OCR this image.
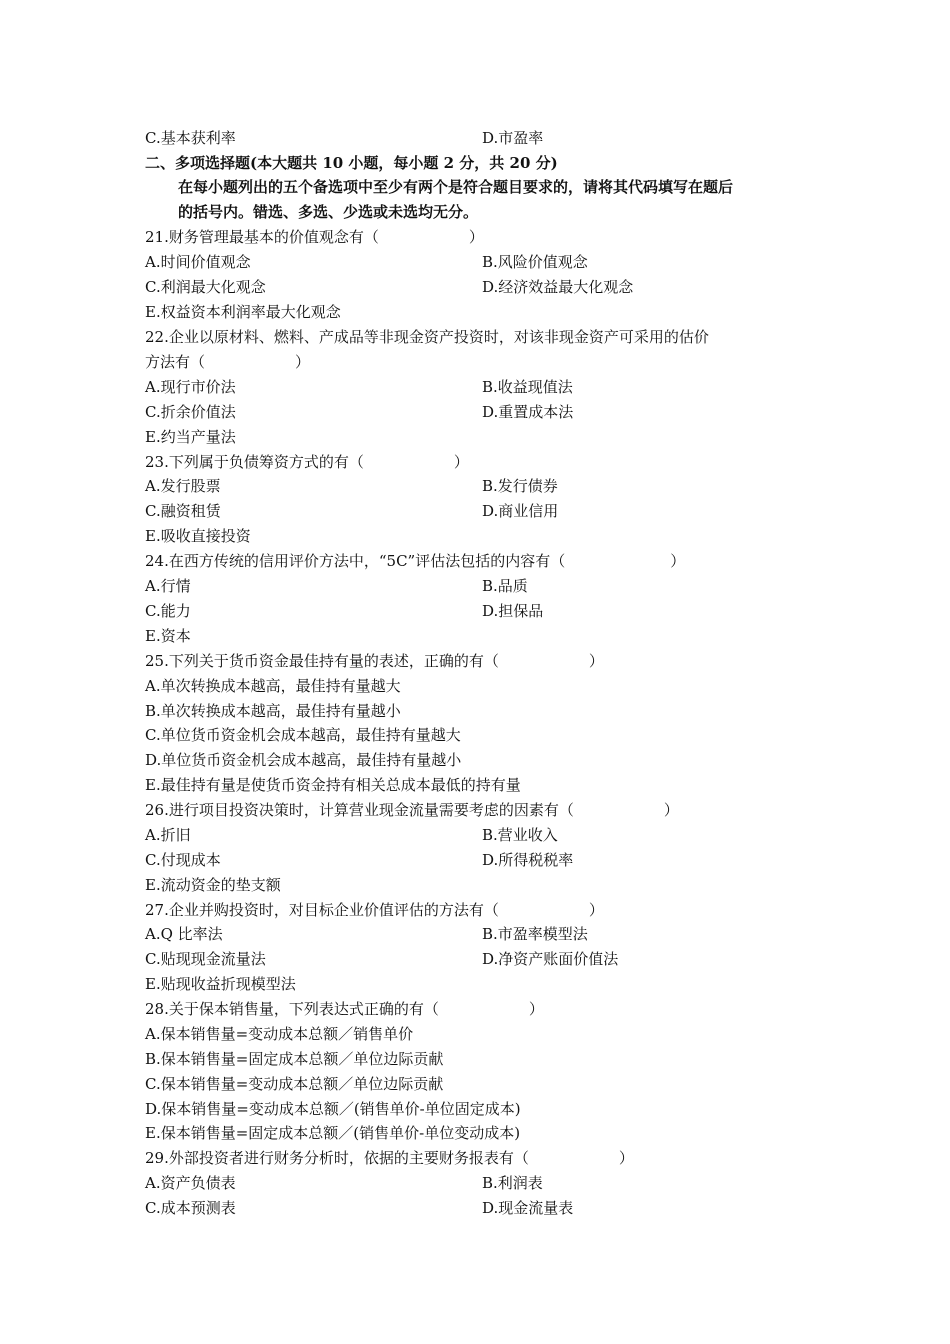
C.基本获利率	D.市盈率
二、多项选择题(本大题共 10 小题，每小题 2 分，共 20 分)
在每小题列出的五个备选项中至少有两个是符合题目要求的，请将其代码填写在题后
的括号内。错选、多选、少选或未选均无分。
21.财务管理最基本的价值观念有（　　　　　　）
A.时间价值观念	B.风险价值观念
C.利润最大化观念	D.经济效益最大化观念
E.权益资本利润率最大化观念
22.企业以原材料、燃料、产成品等非现金资产投资时，对该非现金资产可采用的估价
方法有（　　　　　　）
A.现行市价法	B.收益现值法
C.折余价值法	D.重置成本法
E.约当产量法
23.下列属于负债筹资方式的有（　　　　　　）
A.发行股票	B.发行债券
C.融资租赁	D.商业信用
E.吸收直接投资
24.在西方传统的信用评价方法中，“5C”评估法包括的内容有（　　　　　　　）
A.行情	B.品质
C.能力	D.担保品
E.资本
25.下列关于货币资金最佳持有量的表述，正确的有（　　　　　　）
A.单次转换成本越高，最佳持有量越大
B.单次转换成本越高，最佳持有量越小
C.单位货币资金机会成本越高，最佳持有量越大
D.单位货币资金机会成本越高，最佳持有量越小
E.最佳持有量是使货币资金持有相关总成本最低的持有量
26.进行项目投资决策时，计算营业现金流量需要考虑的因素有（　　　　　　）
A.折旧	B.营业收入
C.付现成本	D.所得税税率
E.流动资金的垫支额
27.企业并购投资时，对目标企业价值评估的方法有（　　　　　　）
A.Q 比率法	B.市盈率模型法
C.贴现现金流量法	D.净资产账面价值法
E.贴现收益折现模型法
28.关于保本销售量，下列表达式正确的有（　　　　　　）
A.保本销售量=变动成本总额／销售单价
B.保本销售量=固定成本总额／单位边际贡献
C.保本销售量=变动成本总额／单位边际贡献
D.保本销售量=变动成本总额／(销售单价-单位固定成本)
E.保本销售量=固定成本总额／(销售单价-单位变动成本)
29.外部投资者进行财务分析时，依据的主要财务报表有（　　　　　　）
A.资产负债表	B.利润表
C.成本预测表	D.现金流量表
